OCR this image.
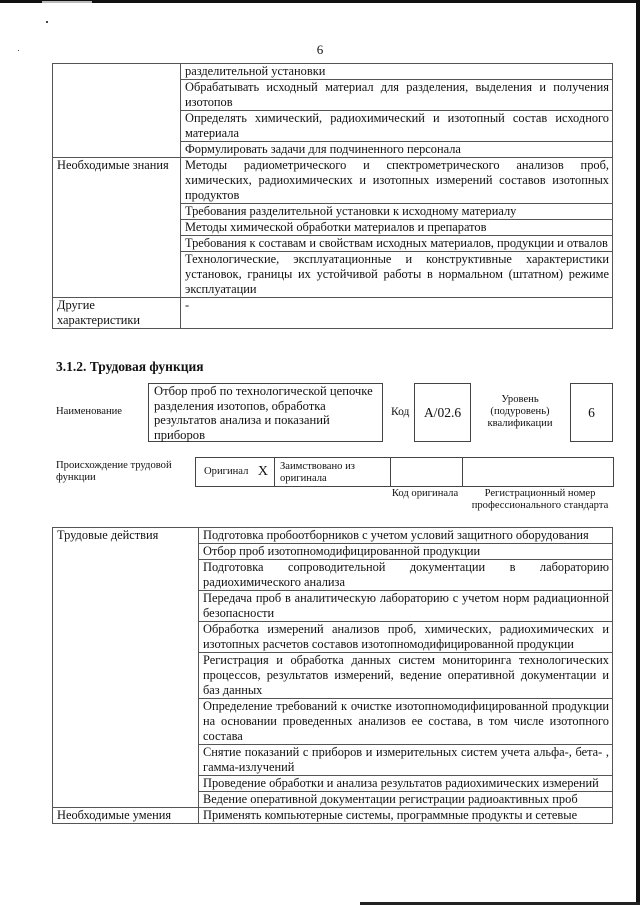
6
	разделительной установки
	Обрабатывать исходный материал для разделения, выделения и получения изотопов
	Определять химический, радиохимический и изотопный состав исходного материала
	Формулировать задачи для подчиненного персонала
Необходимые знания	Методы радиометрического и спектрометрического анализов проб, химических, радиохимических и изотопных измерений составов изотопных продуктов
	Требования разделительной установки к исходному материалу
	Методы химической обработки материалов и препаратов
	Требования к составам и свойствам исходных материалов, продукции и отвалов
	Технологические, эксплуатационные и конструктивные характеристики установок, границы их устойчивой работы в нормальном (штатном) режиме эксплуатации
Другие характеристики	-
3.1.2. Трудовая функция
Наименование
Отбор проб по технологической цепочке разделения изотопов, обработка результатов анализа и показаний приборов
Код	A/02.6
Уровень (подуровень) квалификации
6
Происхождение трудовой функции
Оригинал X	Заимствовано из оригинала
Код оригинала	Регистрационный номер профессионального стандарта
Трудовые действия	Подготовка пробоотборников с учетом условий защитного оборудования
	Отбор проб изотопномодифицированной продукции
	Подготовка сопроводительной документации в лабораторию радиохимического анализа
	Передача проб в аналитическую лабораторию с учетом норм радиационной безопасности
	Обработка измерений анализов проб, химических, радиохимических и изотопных расчетов составов изотопномодифицированной продукции
	Регистрация и обработка данных систем мониторинга технологических процессов, результатов измерений, ведение оперативной документации и баз данных
	Определение требований к очистке изотопномодифицированной продукции на основании проведенных анализов ее состава, в том числе изотопного состава
	Снятие показаний с приборов и измерительных систем учета альфа-, бета- , гамма-излучений
	Проведение обработки и анализа результатов радиохимических измерений
	Ведение оперативной документации регистрации радиоактивных проб
Необходимые умения	Применять компьютерные системы, программные продукты и сетевые
